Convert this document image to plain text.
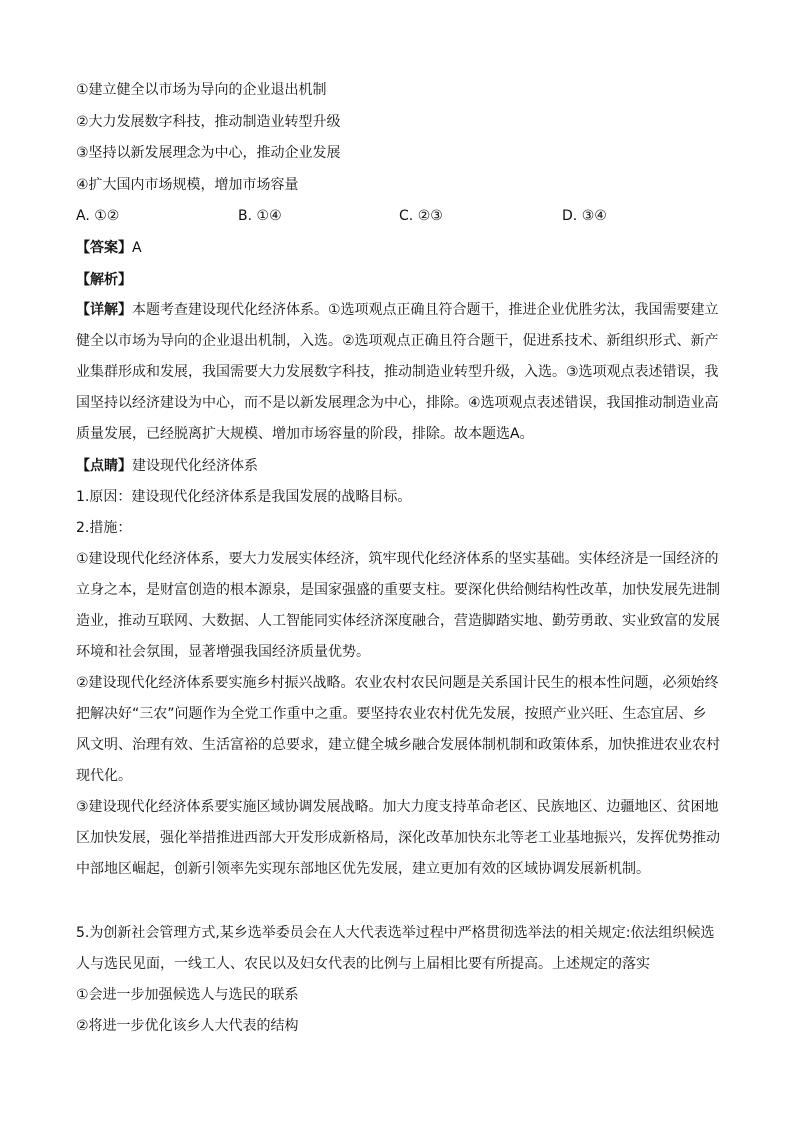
①建立健全以市场为导向的企业退出机制
②大力发展数字科技，推动制造业转型升级
③坚持以新发展理念为中心，推动企业发展
④扩大国内市场规模，增加市场容量
A. ①②	B. ①④	C. ②③	D. ③④
【答案】A
【解析】
【详解】本题考查建设现代化经济体系。①选项观点正确且符合题干，推进企业优胜劣汰，我国需要建立
健全以市场为导向的企业退出机制，入选。②选项观点正确且符合题干，促进系技术、新组织形式、新产
业集群形成和发展，我国需要大力发展数字科技，推动制造业转型升级，入选。③选项观点表述错误，我
国坚持以经济建设为中心，而不是以新发展理念为中心，排除。④选项观点表述错误，我国推动制造业高
质量发展，已经脱离扩大规模、增加市场容量的阶段，排除。故本题选A。
【点睛】建设现代化经济体系
1.原因：建设现代化经济体系是我国发展的战略目标。
2.措施：
①建设现代化经济体系，要大力发展实体经济，筑牢现代化经济体系的坚实基础。实体经济是一国经济的
立身之本，是财富创造的根本源泉，是国家强盛的重要支柱。要深化供给侧结构性改革，加快发展先进制
造业，推动互联网、大数据、人工智能同实体经济深度融合，营造脚踏实地、勤劳勇敢、实业致富的发展
环境和社会氛围，显著增强我国经济质量优势。
②建设现代化经济体系要实施乡村振兴战略。农业农村农民问题是关系国计民生的根本性问题，必须始终
把解决好“三农”问题作为全党工作重中之重。要坚持农业农村优先发展，按照产业兴旺、生态宜居、乡
风文明、治理有效、生活富裕的总要求，建立健全城乡融合发展体制机制和政策体系，加快推进农业农村
现代化。
③建设现代化经济体系要实施区域协调发展战略。加大力度支持革命老区、民族地区、边疆地区、贫困地
区加快发展，强化举措推进西部大开发形成新格局，深化改革加快东北等老工业基地振兴，发挥优势推动
中部地区崛起，创新引领率先实现东部地区优先发展，建立更加有效的区域协调发展新机制。
5.为创新社会管理方式,某乡选举委员会在人大代表选举过程中严格贯彻选举法的相关规定:依法组织候选
人与选民见面，一线工人、农民以及妇女代表的比例与上届相比要有所提高。上述规定的落实
①会进一步加强候选人与选民的联系
②将进一步优化该乡人大代表的结构
